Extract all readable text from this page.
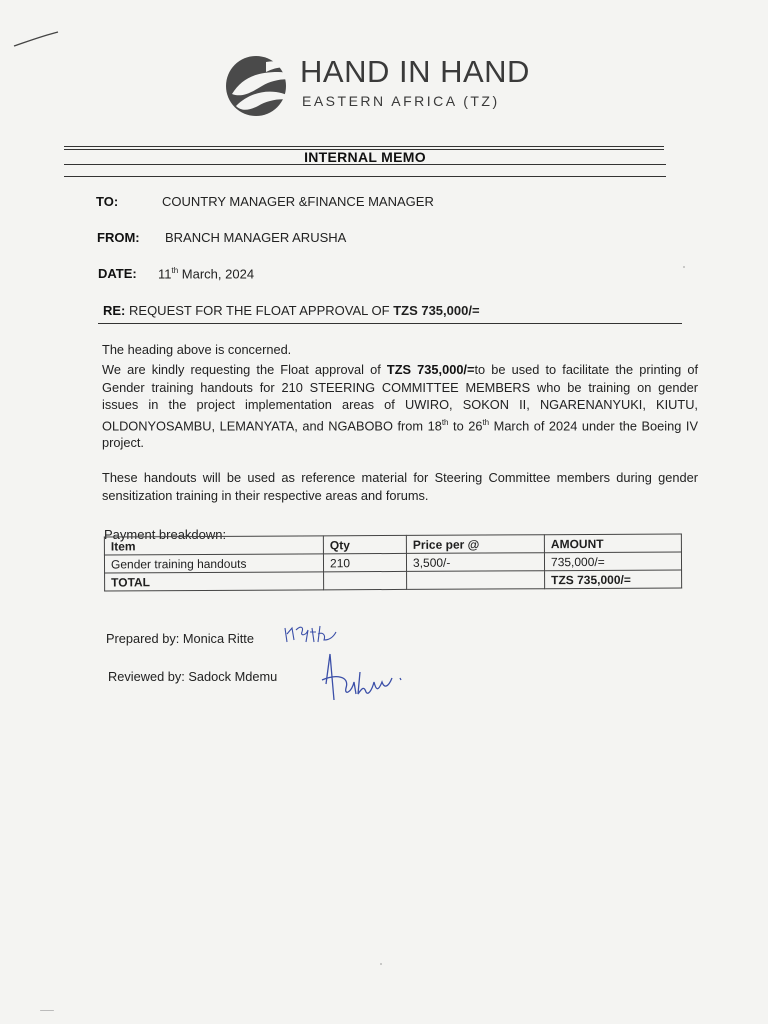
HAND IN HAND
EASTERN AFRICA (TZ)
INTERNAL MEMO
TO:	COUNTRY MANAGER &FINANCE MANAGER
FROM: BRANCH MANAGER ARUSHA
DATE: 11th March, 2024
RE: REQUEST FOR THE FLOAT APPROVAL OF TZS 735,000/=
The heading above is concerned.
We are kindly requesting the Float approval of TZS 735,000/=to be used to facilitate the printing of Gender training handouts for 210 STEERING COMMITTEE MEMBERS who be training on gender issues in the project implementation areas of UWIRO, SOKON II, NGARENANYUKI, KIUTU, OLDONYOSAMBU, LEMANYATA, and NGABOBO from 18th to 26th March of 2024 under the Boeing IV project.
These handouts will be used as reference material for Steering Committee members during gender sensitization training in their respective areas and forums.
Payment breakdown:
Item	Qty	Price per @	AMOUNT
Gender training handouts	210	3,500/-	735,000/=
TOTAL			TZS 735,000/=
Prepared by: Monica Ritte
Reviewed by: Sadock Mdemu
